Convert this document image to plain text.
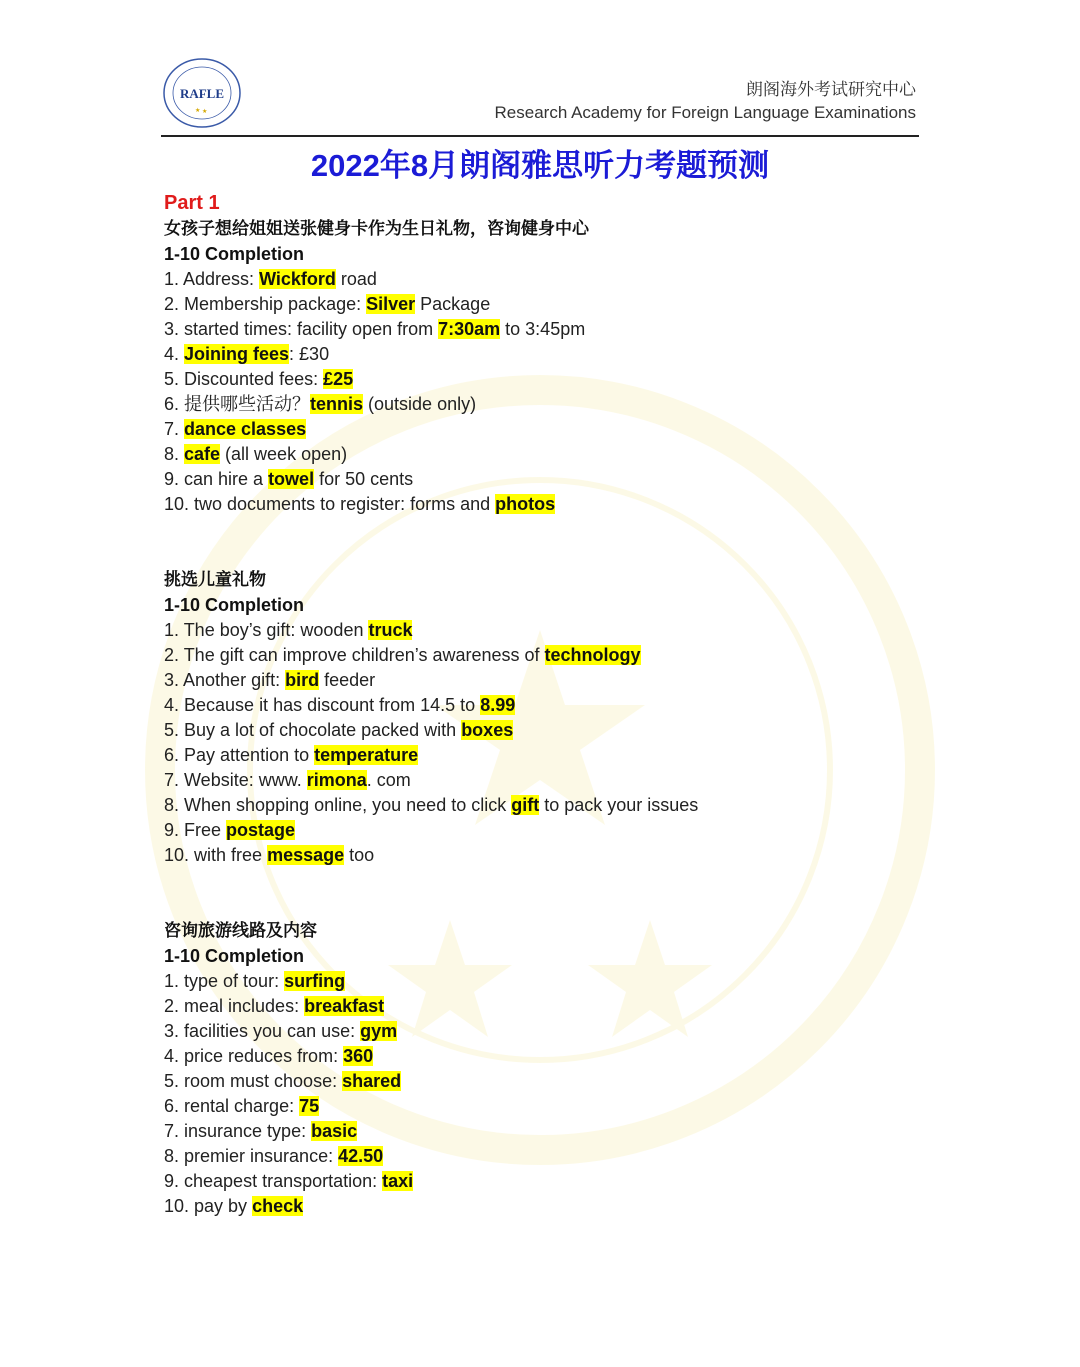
RAFLE
★ ★
朗阁海外考试研究中心
Research Academy for Foreign Language Examinations
2022年8月朗阁雅思听力考题预测
Part 1
女孩子想给姐姐送张健身卡作为生日礼物，咨询健身中心
1-10 Completion
1. Address: Wickford road
2. Membership package: Silver Package
3. started times: facility open from 7:30am to 3:45pm
4. Joining fees: £30
5. Discounted fees: £25
6. 提供哪些活动？tennis (outside only)
7. dance classes
8. cafe (all week open)
9. can hire a towel for 50 cents
10. two documents to register: forms and photos
挑选儿童礼物
1-10 Completion
1. The boy’s gift: wooden truck
2. The gift can improve children’s awareness of technology
3. Another gift: bird feeder
4. Because it has discount from 14.5 to 8.99
5. Buy a lot of chocolate packed with boxes
6. Pay attention to temperature
7. Website: www. rimona. com
8. When shopping online, you need to click gift to pack your issues
9. Free postage
10. with free message too
咨询旅游线路及内容
1-10 Completion
1. type of tour: surfing
2. meal includes: breakfast
3. facilities you can use: gym
4. price reduces from: 360
5. room must choose: shared
6. rental charge: 75
7. insurance type: basic
8. premier insurance: 42.50
9. cheapest transportation: taxi
10. pay by check
